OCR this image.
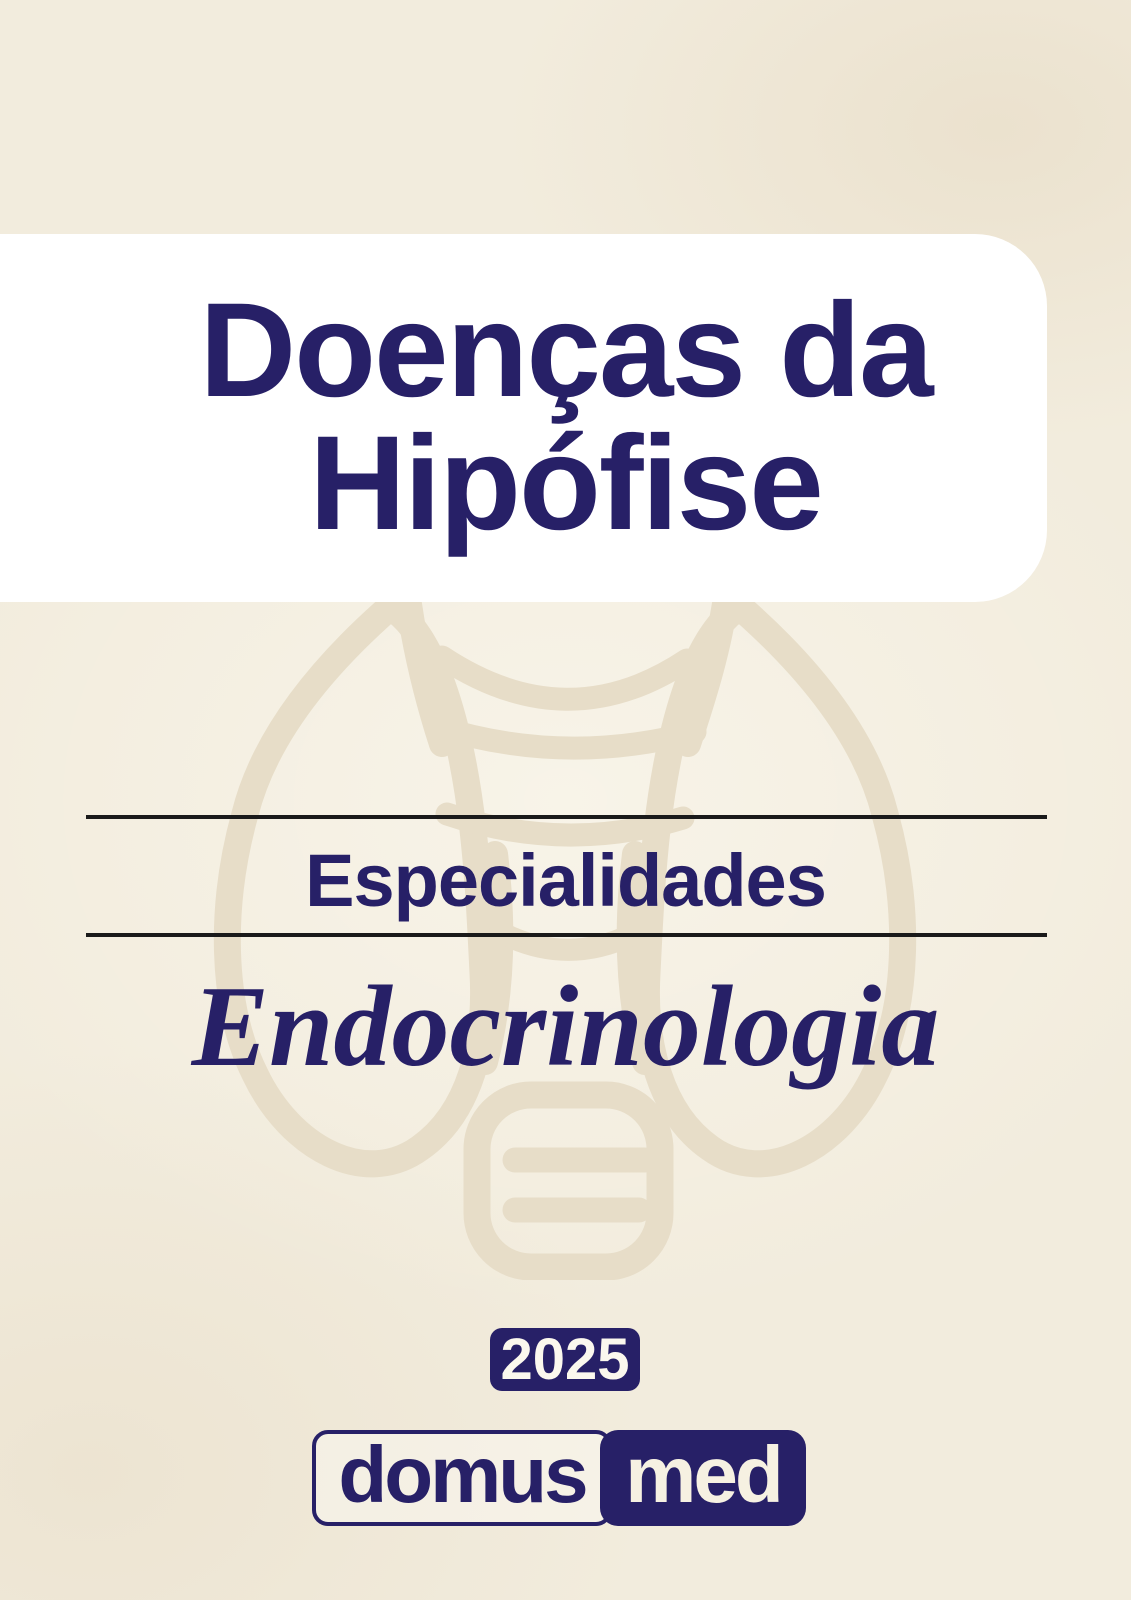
Doenças da
Hipófise
Especialidades
Endocrinologia
2025
domus med
